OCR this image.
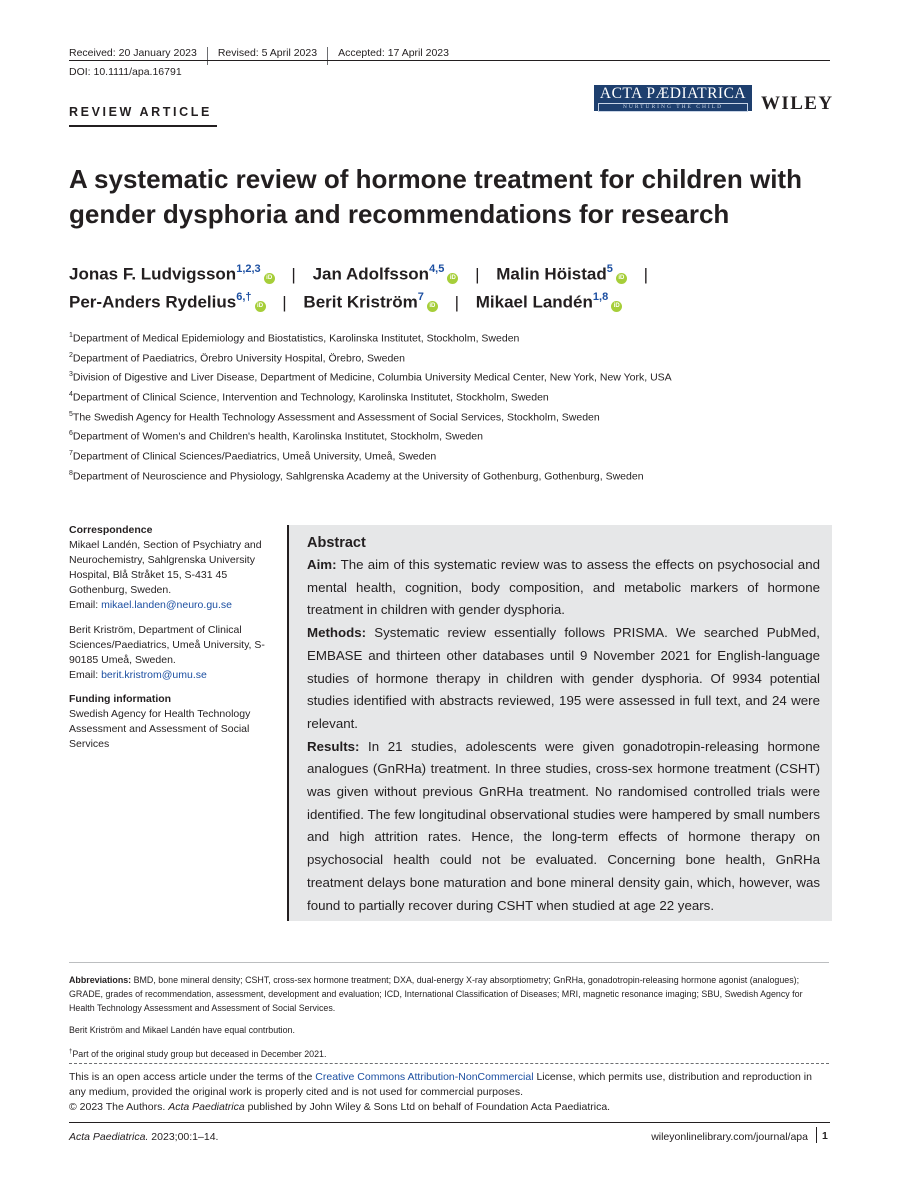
Received: 20 January 2023 Revised: 5 April 2023 Accepted: 17 April 2023
DOI: 10.1111/apa.16791
REVIEW ARTICLE
ACTA PÆDIATRICA
NURTURING THE CHILD	WILEY
A systematic review of hormone treatment for children with gender dysphoria and recommendations for research
Jonas F. Ludvigsson$^{1,2,3}$iD | Jan Adolfsson$^{4,5}$iD | Malin Höistad$^5$iD |
Per-Anders Rydelius$^{6,\dagger}$iD | Berit Kriström$^7$iD | Mikael Landén$^{1,8}$iD
$^1$Department of Medical Epidemiology and Biostatistics, Karolinska Institutet, Stockholm, Sweden
$^2$Department of Paediatrics, Örebro University Hospital, Örebro, Sweden
$^3$Division of Digestive and Liver Disease, Department of Medicine, Columbia University Medical Center, New York, New York, USA
$^4$Department of Clinical Science, Intervention and Technology, Karolinska Institutet, Stockholm, Sweden
$^5$The Swedish Agency for Health Technology Assessment and Assessment of Social Services, Stockholm, Sweden
$^6$Department of Women's and Children's health, Karolinska Institutet, Stockholm, Sweden
$^7$Department of Clinical Sciences/Paediatrics, Umeå University, Umeå, Sweden
$^8$Department of Neuroscience and Physiology, Sahlgrenska Academy at the University of Gothenburg, Gothenburg, Sweden
Correspondence

Mikael Landén, Section of Psychiatry and Neurochemistry, Sahlgrenska University Hospital, Blå Stråket 15, S-431 45 Gothenburg, Sweden.
Email: mikael.landen@neuro.gu.se

Berit Kriström, Department of Clinical Sciences/Paediatrics, Umeå University, S-90185 Umeå, Sweden.
Email: berit.kristrom@umu.se

Funding information

Swedish Agency for Health Technology Assessment and Assessment of Social Services

Abstract

Aim: The aim of this systematic review was to assess the effects on psychosocial and mental health, cognition, body composition, and metabolic markers of hormone treatment in children with gender dysphoria.

Methods: Systematic review essentially follows PRISMA. We searched PubMed, EMBASE and thirteen other databases until 9 November 2021 for English-language studies of hormone therapy in children with gender dysphoria. Of 9934 potential studies identified with abstracts reviewed, 195 were assessed in full text, and 24 were relevant.

Results: In 21 studies, adolescents were given gonadotropin-releasing hormone analogues (GnRHa) treatment. In three studies, cross-sex hormone treatment (CSHT) was given without previous GnRHa treatment. No randomised controlled trials were identified. The few longitudinal observational studies were hampered by small numbers and high attrition rates. Hence, the long-term effects of hormone therapy on psychosocial health could not be evaluated. Concerning bone health, GnRHa treatment delays bone maturation and bone mineral density gain, which, however, was found to partially recover during CSHT when studied at age 22 years.

Abbreviations: BMD, bone mineral density; CSHT, cross-sex hormone treatment; DXA, dual-energy X-ray absorptiometry; GnRHa, gonadotropin-releasing hormone agonist (analogues); GRADE, grades of recommendation, assessment, development and evaluation; ICD, International Classification of Diseases; MRI, magnetic resonance imaging; SBU, Swedish Agency for Health Technology Assessment and Assessment of Social Services.

Berit Kriström and Mikael Landén have equal contrbution.

†Part of the original study group but deceased in December 2021.

This is an open access article under the terms of the Creative Commons Attribution-NonCommercial License, which permits use, distribution and reproduction in any medium, provided the original work is properly cited and is not used for commercial purposes.
© 2023 The Authors. Acta Paediatrica published by John Wiley & Sons Ltd on behalf of Foundation Acta Paediatrica.
Acta Paediatrica. 2023;00:1–14.	wileyonlinelibrary.com/journal/apa 1
